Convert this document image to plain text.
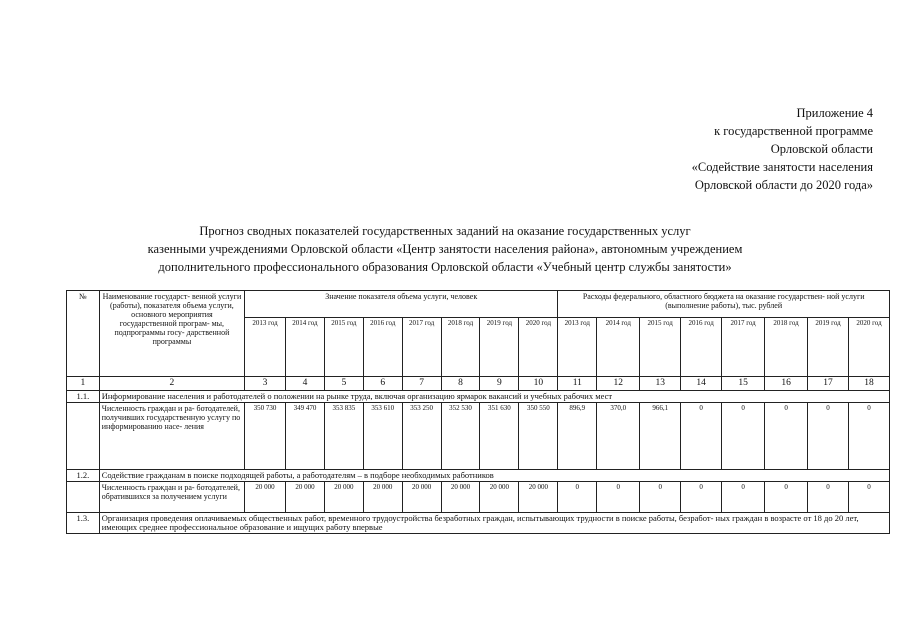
Приложение 4
к государственной программе
Орловской области
«Содействие занятости населения
Орловской области до 2020 года»
Прогноз сводных показателей государственных заданий на оказание государственных услуг
казенными учреждениями Орловской области «Центр занятости населения района», автономным учреждением
дополнительного профессионального образования Орловской области «Учебный центр службы занятости»
№	Наименование государст- венной услуги (работы), показателя объема услуги, основного мероприятия государственной програм- мы, подпрограммы госу- дарственной программы	Значение показателя объема услуги, человек								Расходы федерального, областного бюджета на оказание государствен- ной услуги (выполнение работы), тыс. рублей							
		2013 год	2014 год	2015 год	2016 год	2017 год	2018 год	2019 год	2020 год	2013 год	2014 год	2015 год	2016 год	2017 год	2018 год	2019 год	2020 год
1	2	3	4	5	6	7	8	9	10	11	12	13	14	15	16	17	18
1.1.	Информирование населения и работодателей о положении на рынке труда, включая организацию ярмарок вакансий и учебных рабочих мест																
	Численность граждан и ра- ботодателей, получивших государственную услугу по информированию насе- ления	350 730	349 470	353 835	353 610	353 250	352 530	351 630	350 550	896,9	370,0	966,1	0	0	0	0	0
1.2.	Содействие гражданам в поиске подходящей работы, а работодателям – в подборе необходимых работников																
	Численность граждан и ра- ботодателей, обратившихся за получением услуги	20 000	20 000	20 000	20 000	20 000	20 000	20 000	20 000	0	0	0	0	0	0	0	0
1.3.	Организация проведения оплачиваемых общественных работ, временного трудоустройства безработных граждан, испытывающих трудности в поиске работы, безработ- ных граждан в возрасте от 18 до 20 лет, имеющих среднее профессиональное образование и ищущих работу впервые																
